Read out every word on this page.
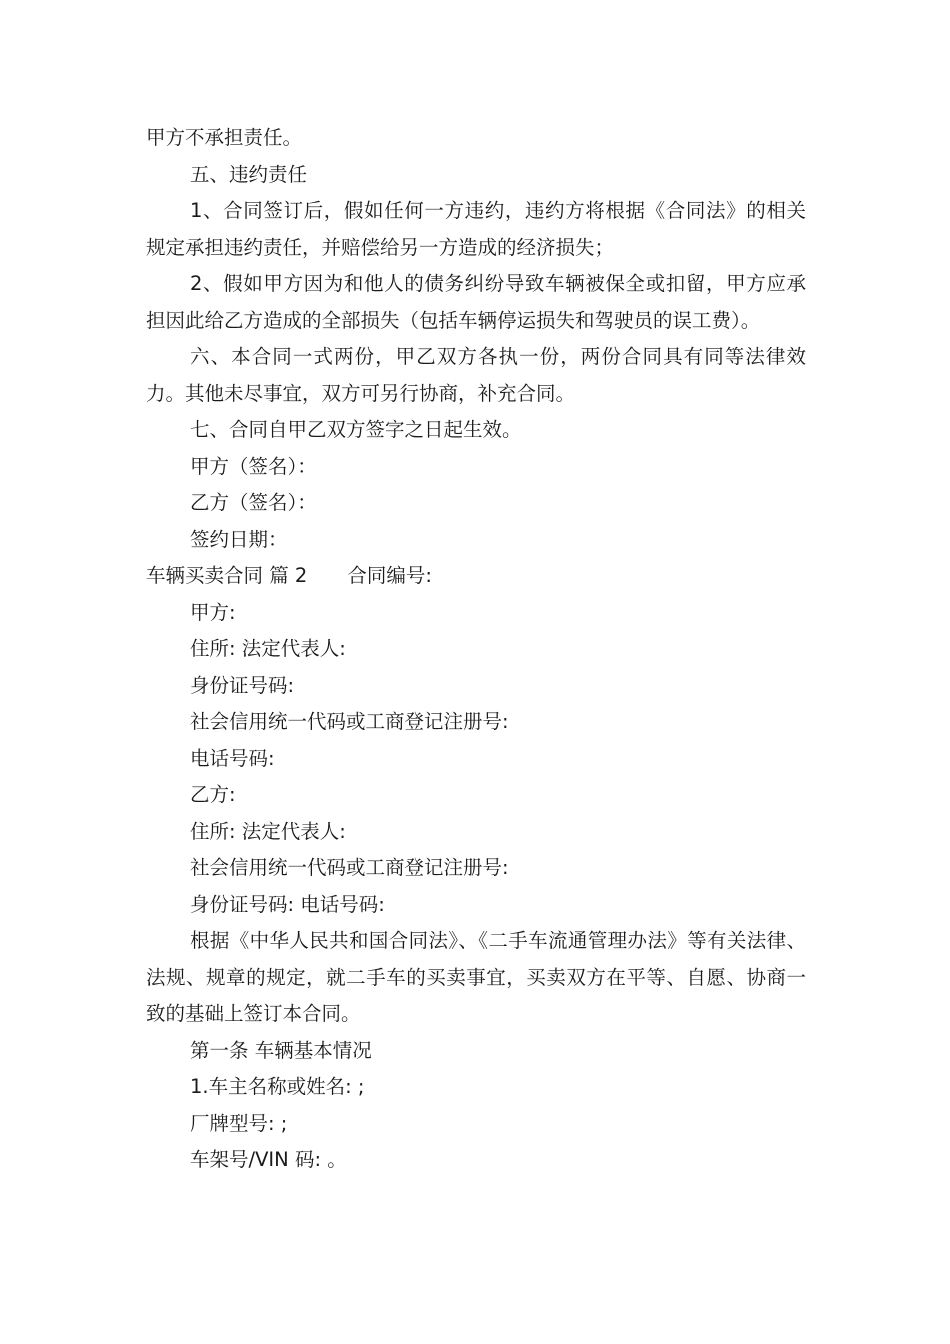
甲方不承担责任。

五、违约责任

1、合同签订后，假如任何一方违约，违约方将根据《合同法》的相关规定承担违约责任，并赔偿给另一方造成的经济损失；

2、假如甲方因为和他人的债务纠纷导致车辆被保全或扣留，甲方应承担因此给乙方造成的全部损失（包括车辆停运损失和驾驶员的误工费）。

六、本合同一式两份，甲乙双方各执一份，两份合同具有同等法律效力。其他未尽事宜，双方可另行协商，补充合同。

七、合同自甲乙双方签字之日起生效。

甲方（签名）：

乙方（签名）：

签约日期：

车辆买卖合同 篇 2 合同编号:

甲方:

住所: 法定代表人:

身份证号码:

社会信用统一代码或工商登记注册号:

电话号码:

乙方:

住所: 法定代表人:

社会信用统一代码或工商登记注册号:

身份证号码: 电话号码:

根据《中华人民共和国合同法》、《二手车流通管理办法》等有关法律、法规、规章的规定，就二手车的买卖事宜，买卖双方在平等、自愿、协商一致的基础上签订本合同。

第一条 车辆基本情况

1.车主名称或姓名: ;

厂牌型号: ;

车架号/VIN 码: 。
